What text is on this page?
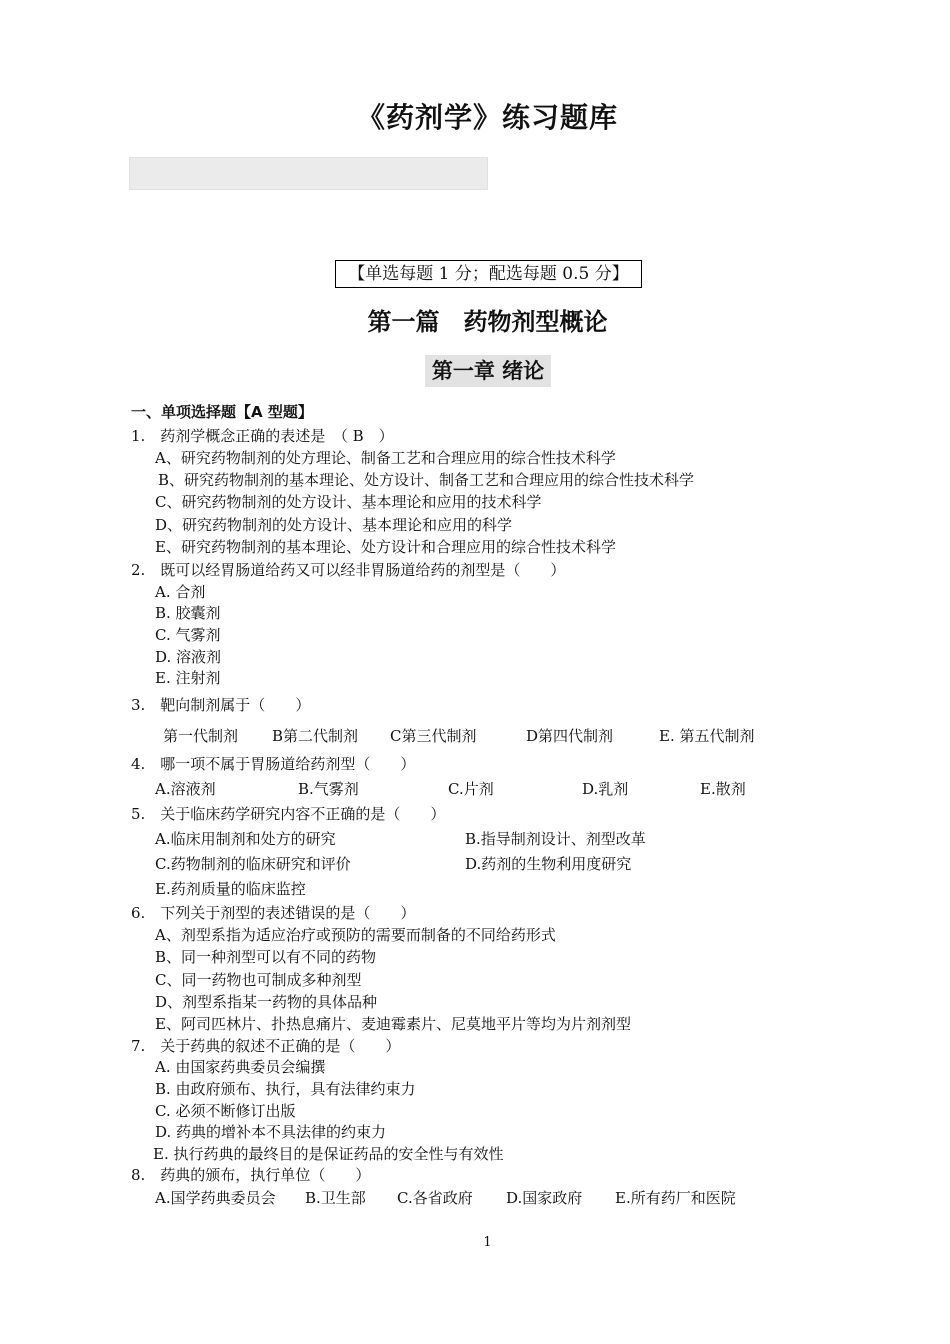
《药剂学》练习题库
【单选每题 1 分；配选每题 0.5 分】
第一篇　药物剂型概论
第一章 绪论
一、单项选择题【A 型题】
1.　药剂学概念正确的表述是　（ B　）
A、研究药物制剂的处方理论、制备工艺和合理应用的综合性技术科学
B、研究药物制剂的基本理论、处方设计、制备工艺和合理应用的综合性技术科学
C、研究药物制剂的处方设计、基本理论和应用的技术科学
D、研究药物制剂的处方设计、基本理论和应用的科学
E、研究药物制剂的基本理论、处方设计和合理应用的综合性技术科学
2.　既可以经胃肠道给药又可以经非胃肠道给药的剂型是（　　）
A. 合剂
B. 胶囊剂
C. 气雾剂
D. 溶液剂
E. 注射剂
3.　靶向制剂属于（　　）
第一代制剂 B第二代制剂 C第三代制剂	D第四代制剂	E. 第五代制剂
4.　哪一项不属于胃肠道给药剂型（　　）
A.溶液剂	B.气雾剂	C.片剂	D.乳剂	E.散剂
5.　关于临床药学研究内容不正确的是（　　）
A.临床用制剂和处方的研究	B.指导制剂设计、剂型改革
C.药物制剂的临床研究和评价	D.药剂的生物利用度研究
E.药剂质量的临床监控
6.　下列关于剂型的表述错误的是（　　）
A、剂型系指为适应治疗或预防的需要而制备的不同给药形式
B、同一种剂型可以有不同的药物
C、同一药物也可制成多种剂型
D、剂型系指某一药物的具体品种
E、阿司匹林片、扑热息痛片、麦迪霉素片、尼莫地平片等均为片剂剂型
7.　关于药典的叙述不正确的是（　　）
A. 由国家药典委员会编撰
B. 由政府颁布、执行，具有法律约束力
C. 必须不断修订出版
D. 药典的增补本不具法律的约束力
E. 执行药典的最终目的是保证药品的安全性与有效性
8.　药典的颁布，执行单位（　　）
A.国学药典委员会 B.卫生部 C.各省政府 D.国家政府 E.所有药厂和医院
1
